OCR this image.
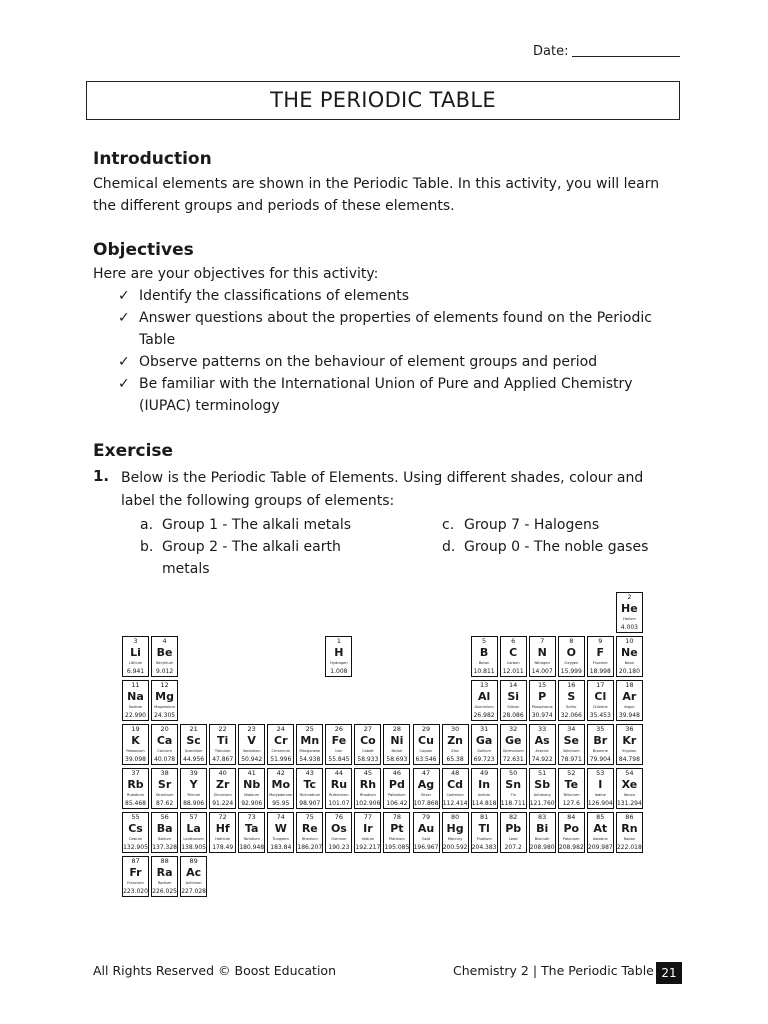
Date:
THE PERIODIC TABLE
Introduction
Chemical elements are shown in the Periodic Table. In this activity, you will learn the different groups and periods of these elements.
Objectives
Here are your objectives for this activity:
✓ Identify the classifications of elements
✓ Answer questions about the properties of elements found on the Periodic Table
✓ Observe patterns on the behaviour of element groups and period
✓ Be familiar with the International Union of Pure and Applied Chemistry (IUPAC) terminology
Exercise
1. Below is the Periodic Table of Elements. Using different shades, colour and label the following groups of elements:
a. Group 1 - The alkali metals
b. Group 2 - The alkali earth metals
c. Group 7 - Halogens
d. Group 0 - The noble gases
1
H
Hydrogen
1.008
2
He
Helium
4.003
3
Li
Lithium
6.941
4
Be
Beryllium
9.012
5
B
Boron
10.811
6
C
Carbon
12.011
7
N
Nitrogen
14.007
8
O
Oxygen
15.999
9
F
Fluorine
18.998
10
Ne
Neon
20.180
11
Na
Sodium
22.990
12
Mg
Magnesium
24.305
13
Al
Aluminium
26.982
14
Si
Silicon
28.086
15
P
Phosphorus
30.974
16
S
Sulfur
32.066
17
Cl
Chlorine
35.453
18
Ar
Argon
39.948
19
K
Potassium
39.098
20
Ca
Calcium
40.078
21
Sc
Scandium
44.956
22
Ti
Titanium
47.867
23
V
Vanadium
50.942
24
Cr
Chromium
51.996
25
Mn
Manganese
54.938
26
Fe
Iron
55.845
27
Co
Cobalt
58.933
28
Ni
Nickel
58.693
29
Cu
Copper
63.546
30
Zn
Zinc
65.38
31
Ga
Gallium
69.723
32
Ge
Germanium
72.631
33
As
Arsenic
74.922
34
Se
Selenium
78.971
35
Br
Bromine
79.904
36
Kr
Krypton
84.798
37
Rb
Rubidium
85.468
38
Sr
Strontium
87.62
39
Y
Yttrium
88.906
40
Zr
Zirconium
91.224
41
Nb
Niobium
92.906
42
Mo
Molybdenum
95.95
43
Tc
Technetium
98.907
44
Ru
Ruthenium
101.07
45
Rh
Rhodium
102.906
46
Pd
Palladium
106.42
47
Ag
Silver
107.868
48
Cd
Cadmium
112.414
49
In
Indium
114.818
50
Sn
Tin
118.711
51
Sb
Antimony
121.760
52
Te
Tellurium
127.6
53
I
Iodine
126.904
54
Xe
Xenon
131.294
55
Cs
Cesium
132.905
56
Ba
Barium
137.328
57
La
Lanthanum
138.905
72
Hf
Hafnium
178.49
73
Ta
Tantalum
180.948
74
W
Tungsten
183.84
75
Re
Rhenium
186.207
76
Os
Osmium
190.23
77
Ir
Iridium
192.217
78
Pt
Platinum
195.085
79
Au
Gold
196.967
80
Hg
Mercury
200.592
81
Tl
Thallium
204.383
82
Pb
Lead
207.2
83
Bi
Bismuth
208.980
84
Po
Polonium
208.982
85
At
Astatine
209.987
86
Rn
Radon
222.018
87
Fr
Francium
223.020
88
Ra
Radium
226.025
89
Ac
Actinium
227.028
All Rights Reserved © Boost Education	Chemistry 2 | The Periodic Table 21
